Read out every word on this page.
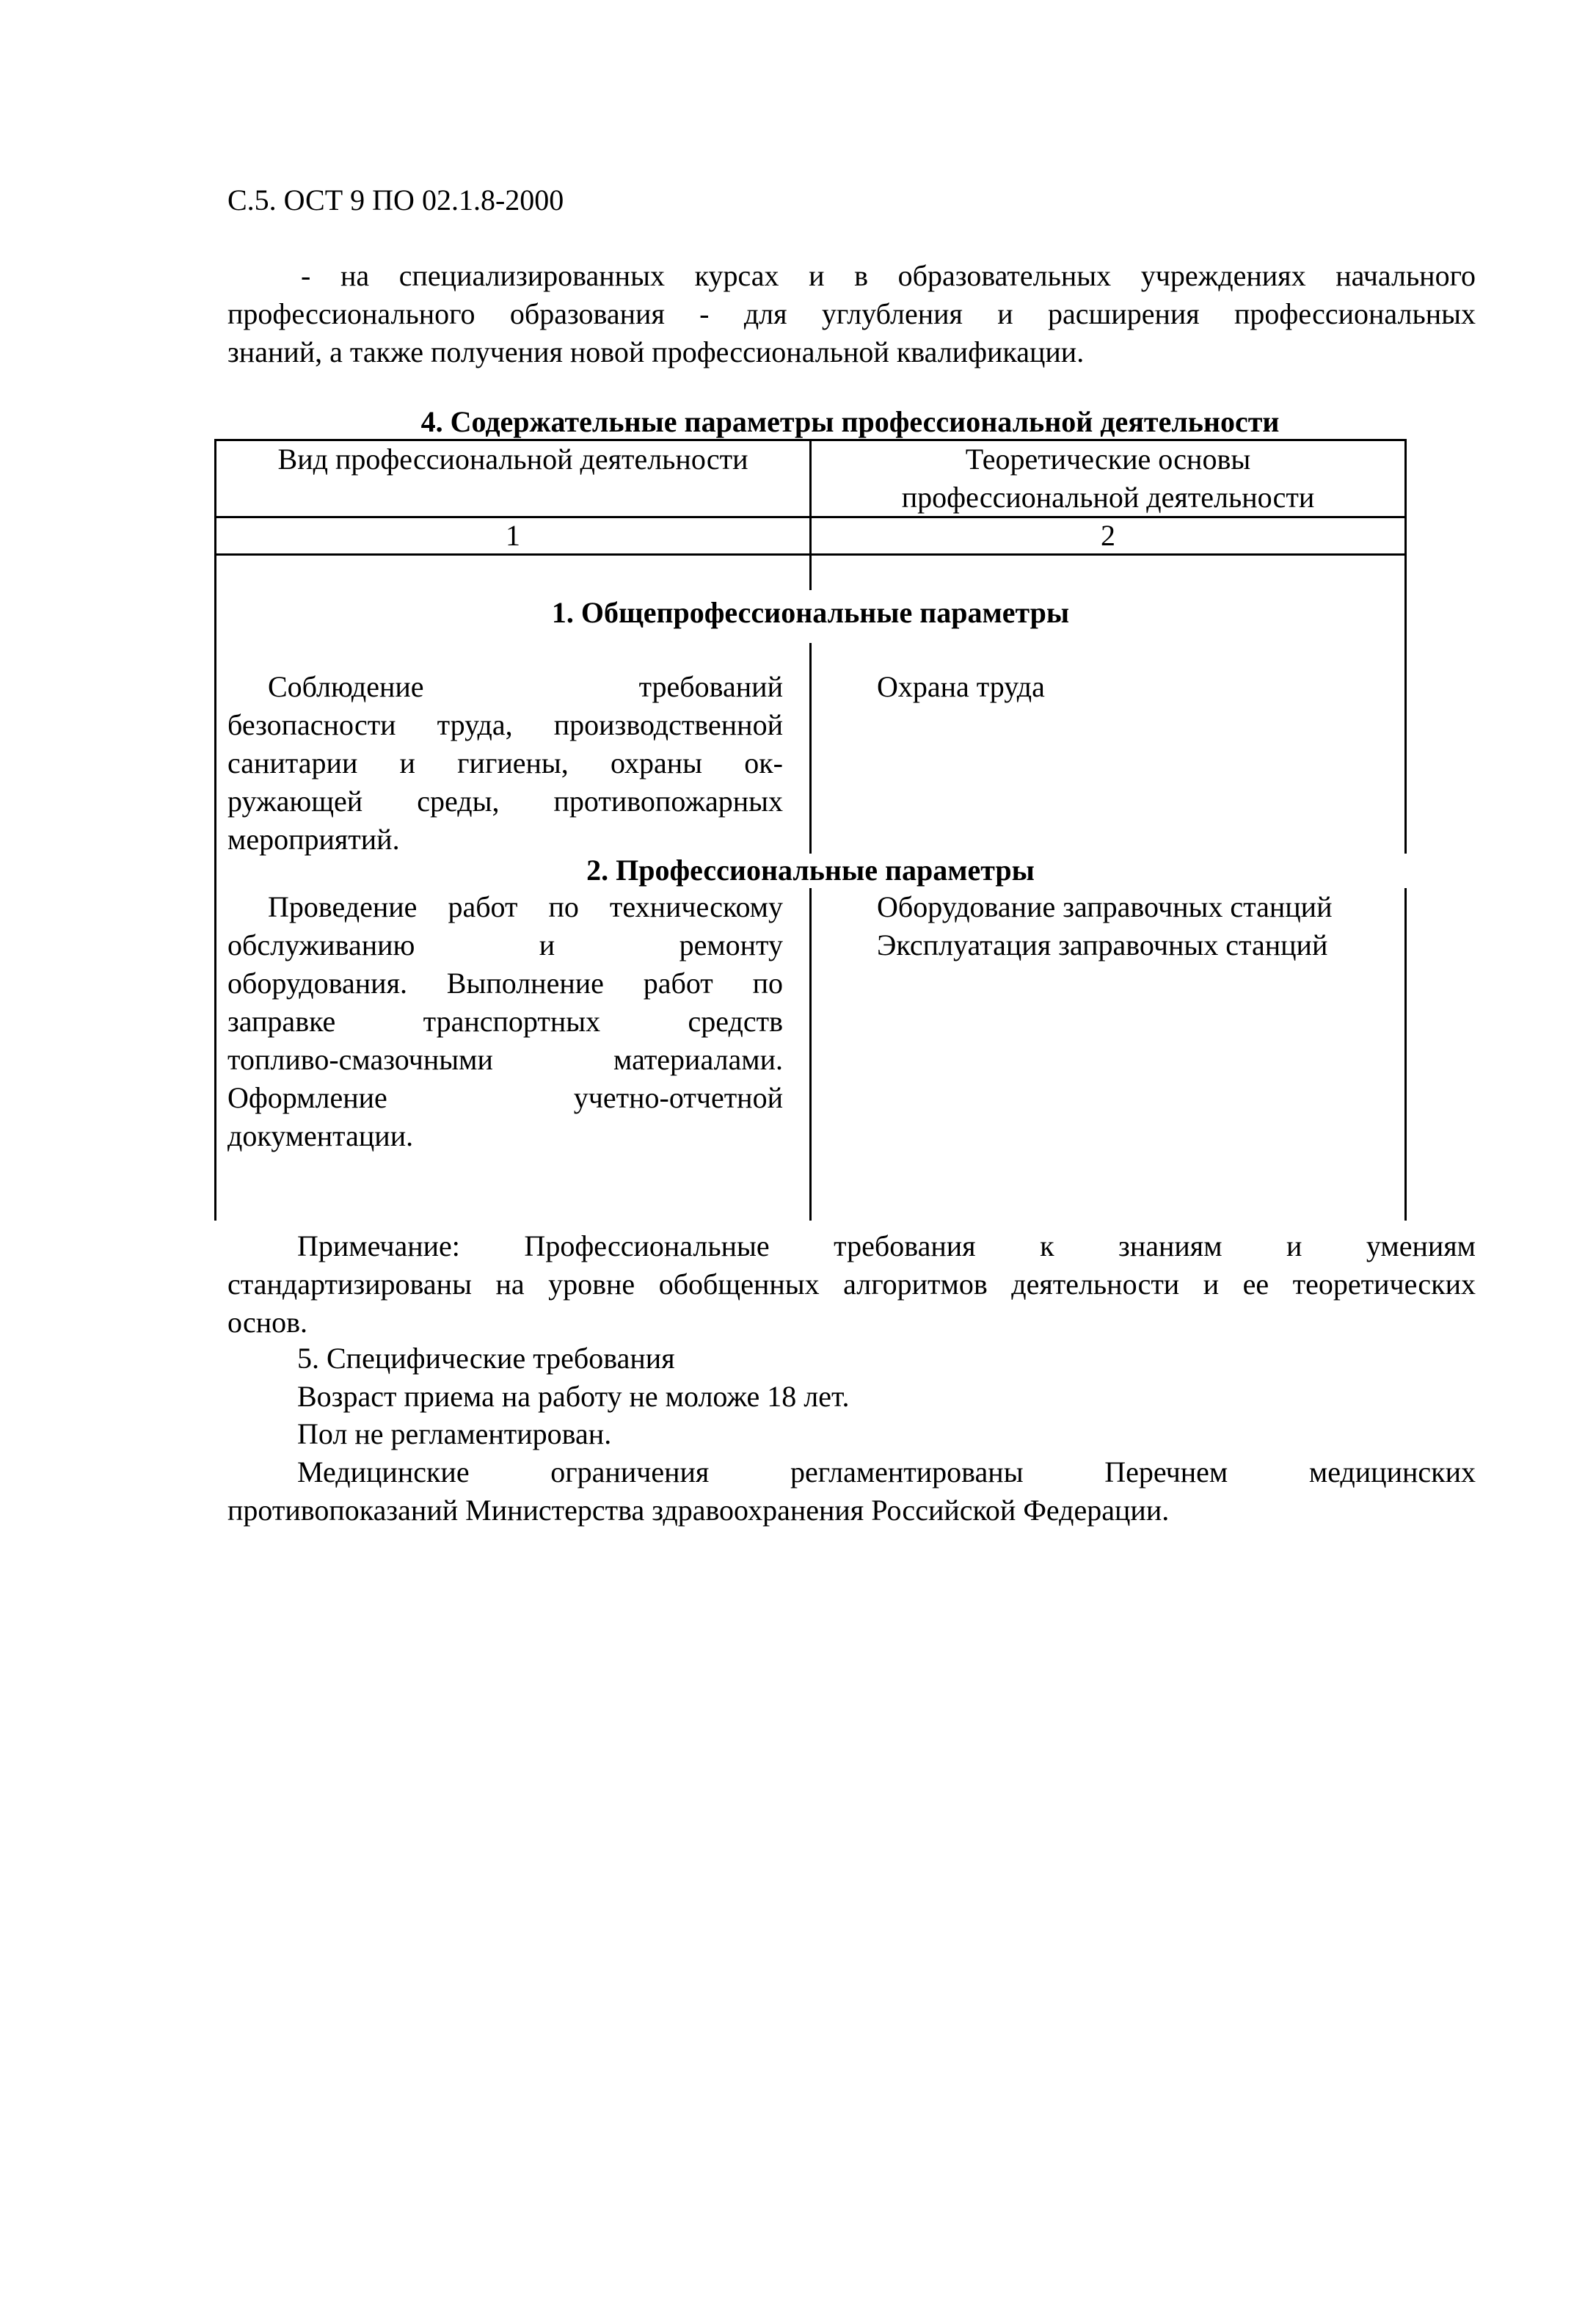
С.5. ОСТ 9 ПО 02.1.8-2000
- на специализированных курсах и в образовательных учреждениях начального
профессионального образования - для углубления и расширения профессиональных
знаний, а также получения новой профессиональной квалификации.
4. Содержательные параметры профессиональной деятельности
Вид профессиональной деятельности	Теоретические основы
профессиональной деятельности
1	2
1. Общепрофессиональные параметры
Соблюдение требований
безопасности труда, производственной
санитарии и гигиены, охраны ок-
ружающей среды, противопожарных
мероприятий.
Охрана труда
2. Профессиональные параметры
Проведение работ по техническому
обслуживанию и ремонту
оборудования. Выполнение работ по
заправке транспортных средств
топливо-смазочными материалами.
Оформление учетно-отчетной
документации.
Оборудование заправочных станций
Эксплуатация заправочных станций
Примечание: Профессиональные требования к знаниям и умениям
стандартизированы на уровне обобщенных алгоритмов деятельности и ее теоретических
основ.
5. Специфические требования
Возраст приема на работу не моложе 18 лет.
Пол не регламентирован.
Медицинские ограничения регламентированы Перечнем медицинских
противопоказаний Министерства здравоохранения Российской Федерации.
